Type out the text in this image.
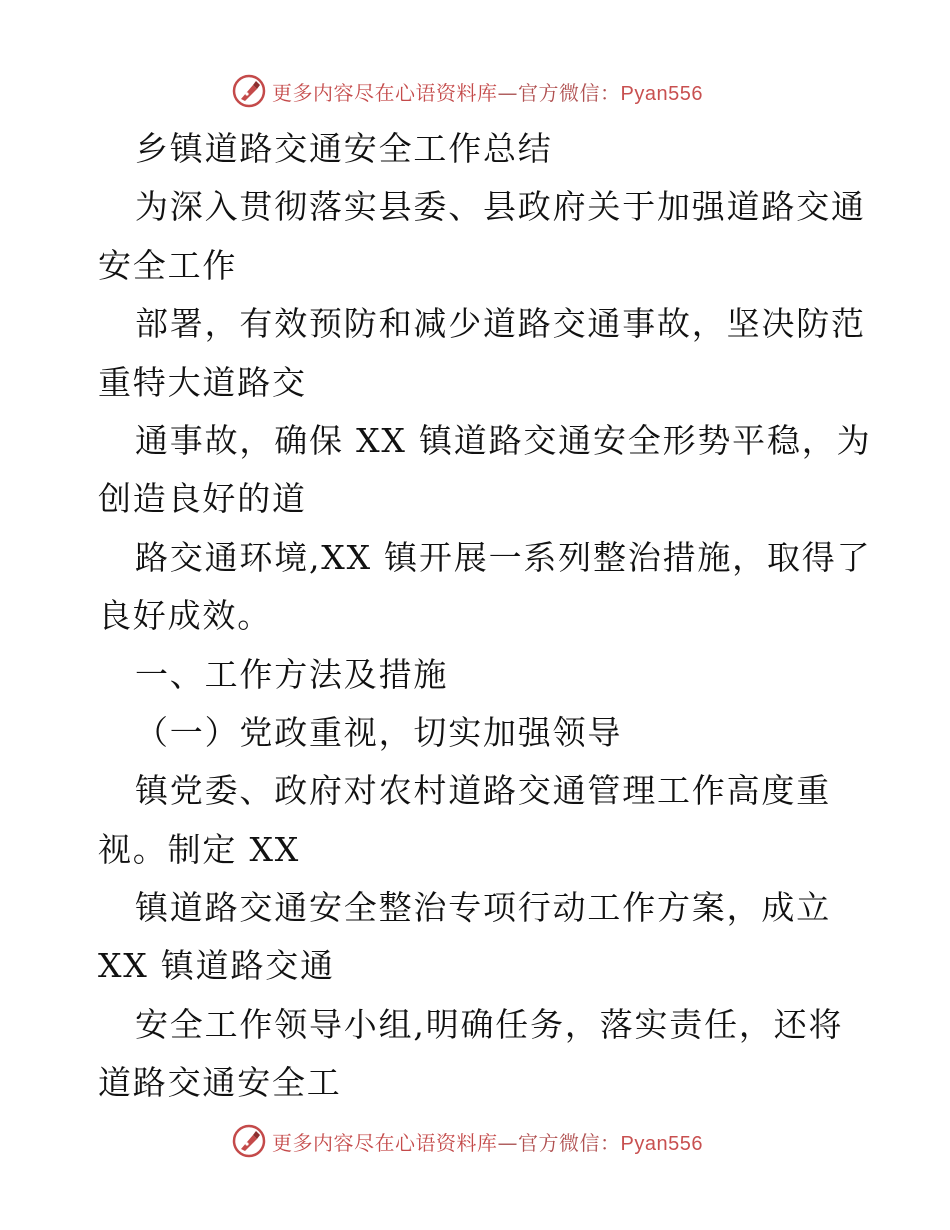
更多内容尽在心语资料库—官方微信：Pyan556
乡镇道路交通安全工作总结
为深入贯彻落实县委、县政府关于加强道路交通
安全工作
部署，有效预防和减少道路交通事故，坚决防范
重特大道路交
通事故，确保 XX 镇道路交通安全形势平稳，为
创造良好的道
路交通环境,XX 镇开展一系列整治措施，取得了
良好成效。
一、工作方法及措施
（一）党政重视，切实加强领导
镇党委、政府对农村道路交通管理工作高度重
视。制定 XX
镇道路交通安全整治专项行动工作方案，成立
XX 镇道路交通
安全工作领导小组,明确任务，落实责任，还将
道路交通安全工
更多内容尽在心语资料库—官方微信：Pyan556
